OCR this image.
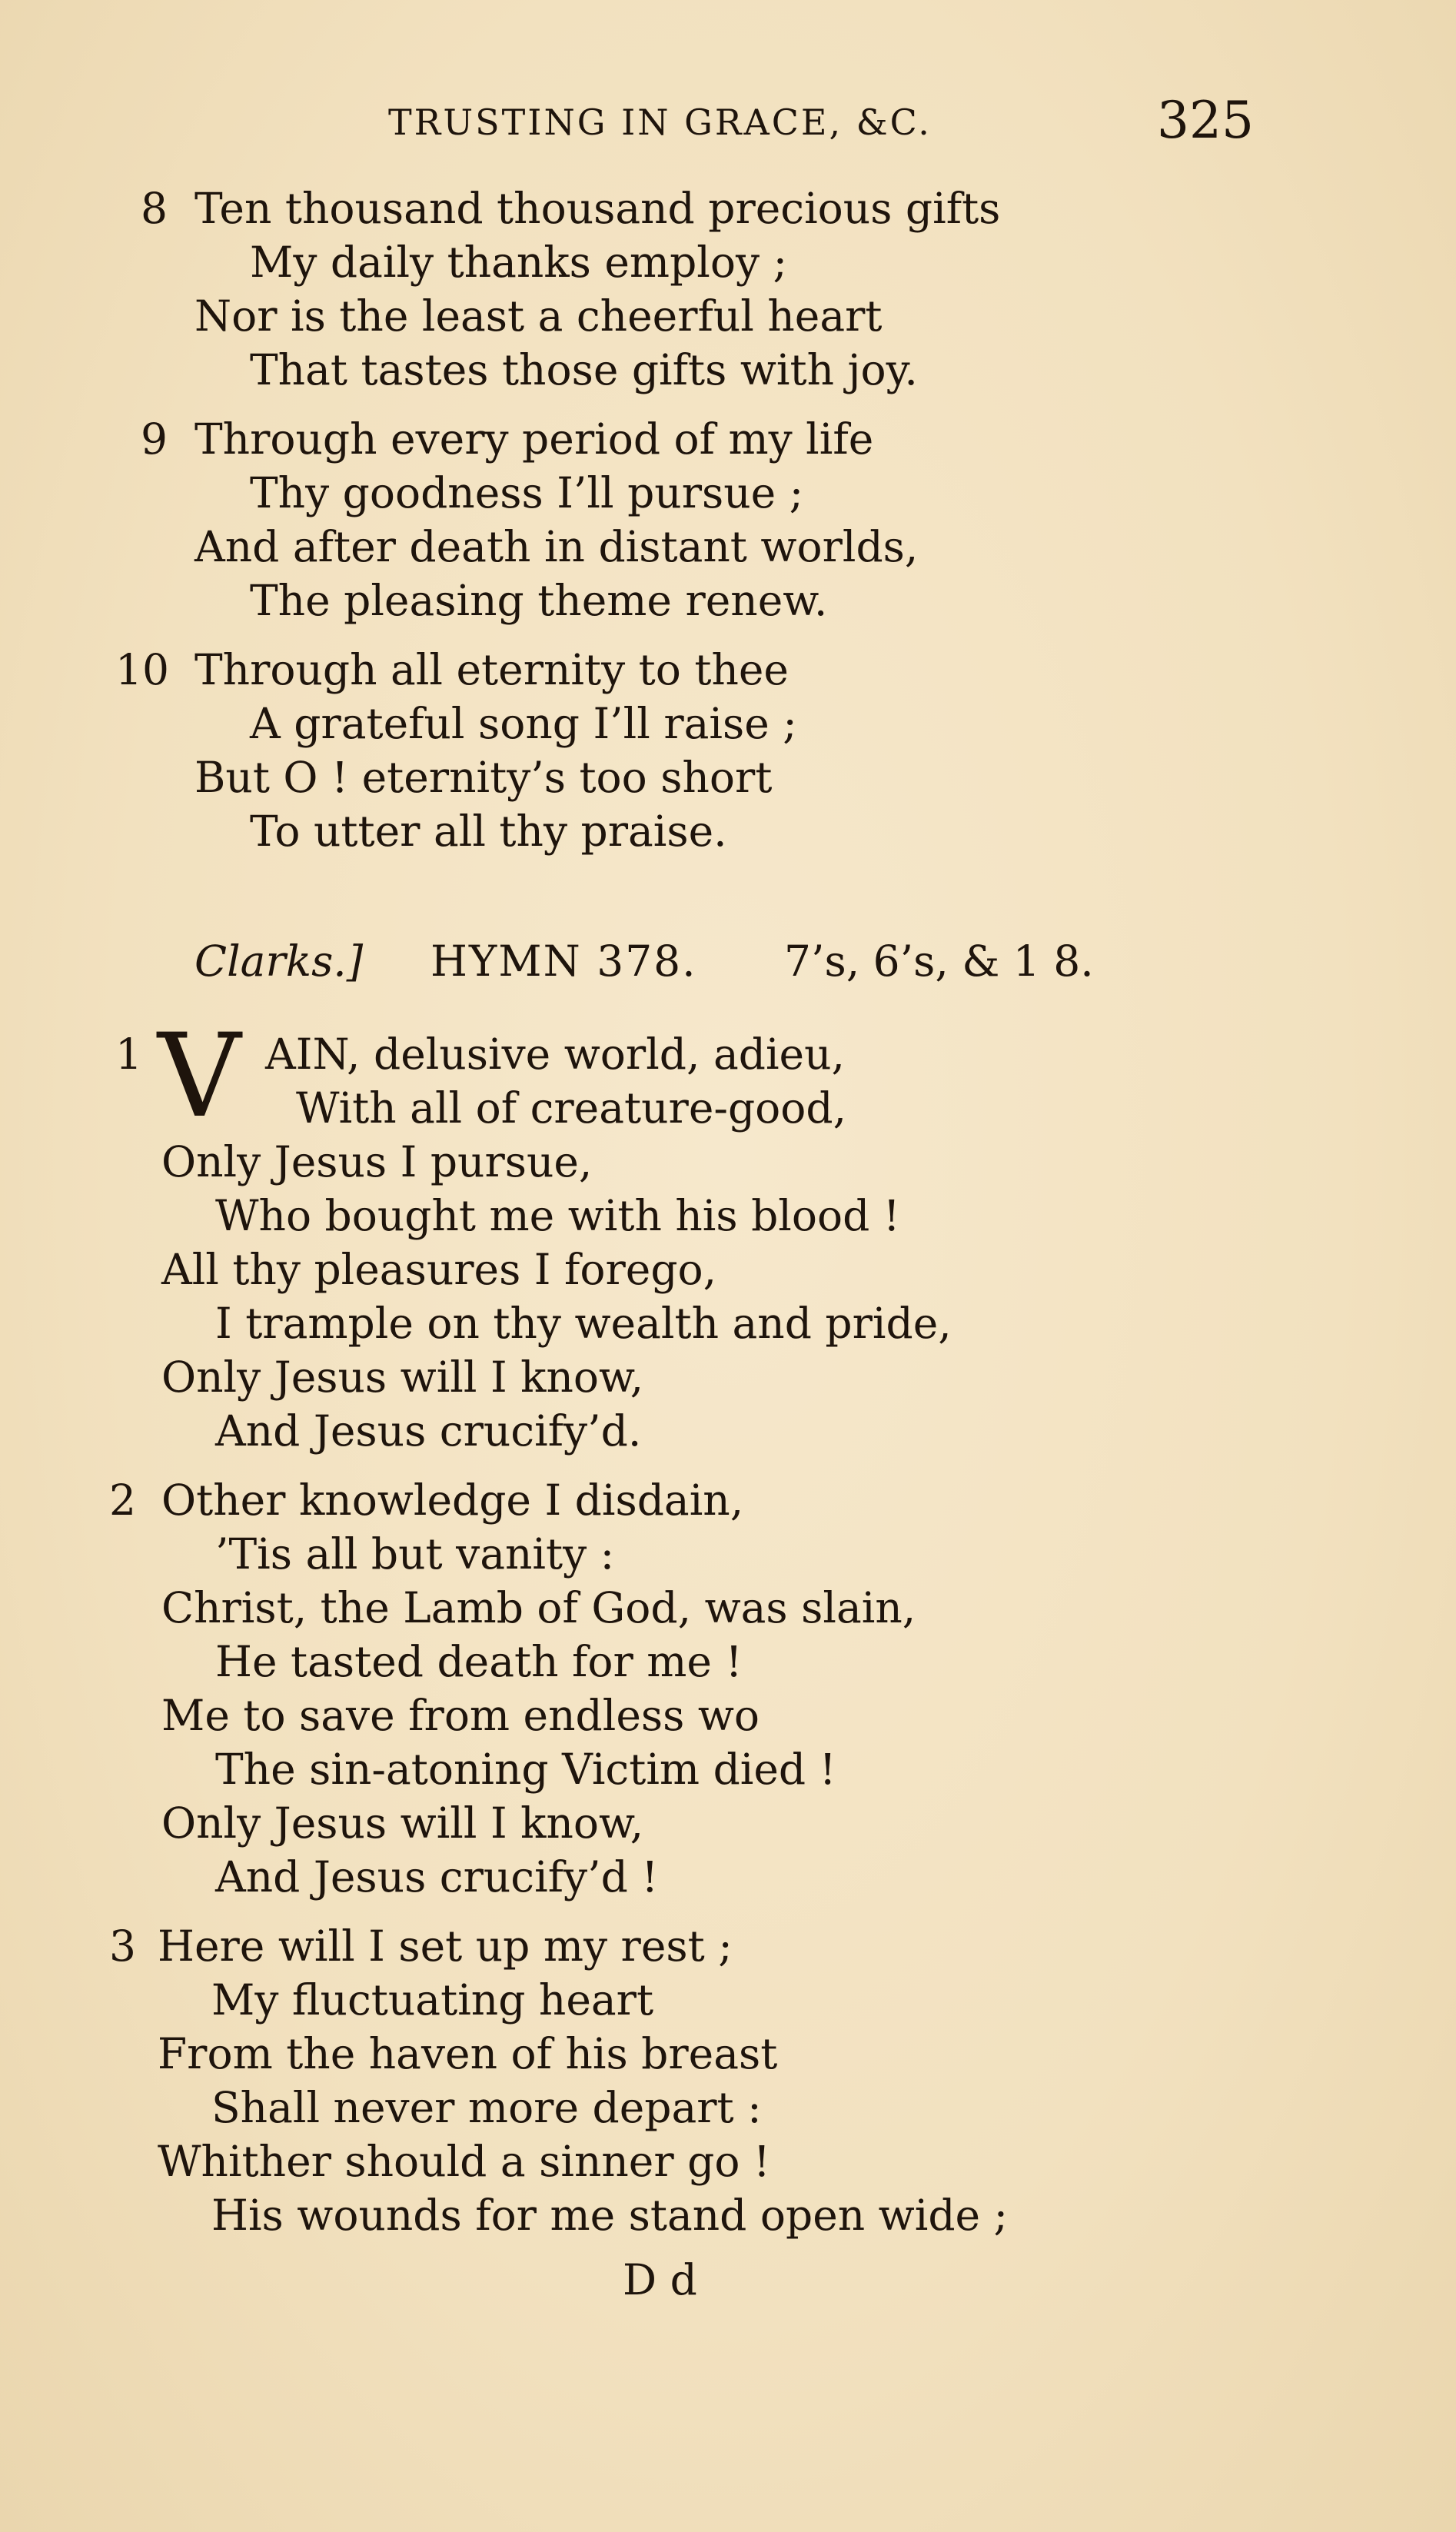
TRUSTING IN GRACE, &C.	325
8 Ten thousand thousand precious gifts
My daily thanks employ ;
Nor is the least a cheerful heart
That tastes those gifts with joy.
9 Through every period of my life
Thy goodness I’ll pursue ;
And after death in distant worlds,
The pleasing theme renew.
10 Through all eternity to thee
A grateful song I’ll raise ;
But O ! eternity’s too short
To utter all thy praise.
Clarks.] HYMN 378. 7’s, 6’s, & 1 8.
1 V AIN, delusive world, adieu,
With all of creature-good,
Only Jesus I pursue,
Who bought me with his blood !
All thy pleasures I forego,
I trample on thy wealth and pride,
Only Jesus will I know,
And Jesus crucify’d.
2 Other knowledge I disdain,
’Tis all but vanity :
Christ, the Lamb of God, was slain,
He tasted death for me !
Me to save from endless wo
The sin-atoning Victim died !
Only Jesus will I know,
And Jesus crucify’d !
3 Here will I set up my rest ;
My fluctuating heart
From the haven of his breast
Shall never more depart :
Whither should a sinner go !
His wounds for me stand open wide ;
D d
